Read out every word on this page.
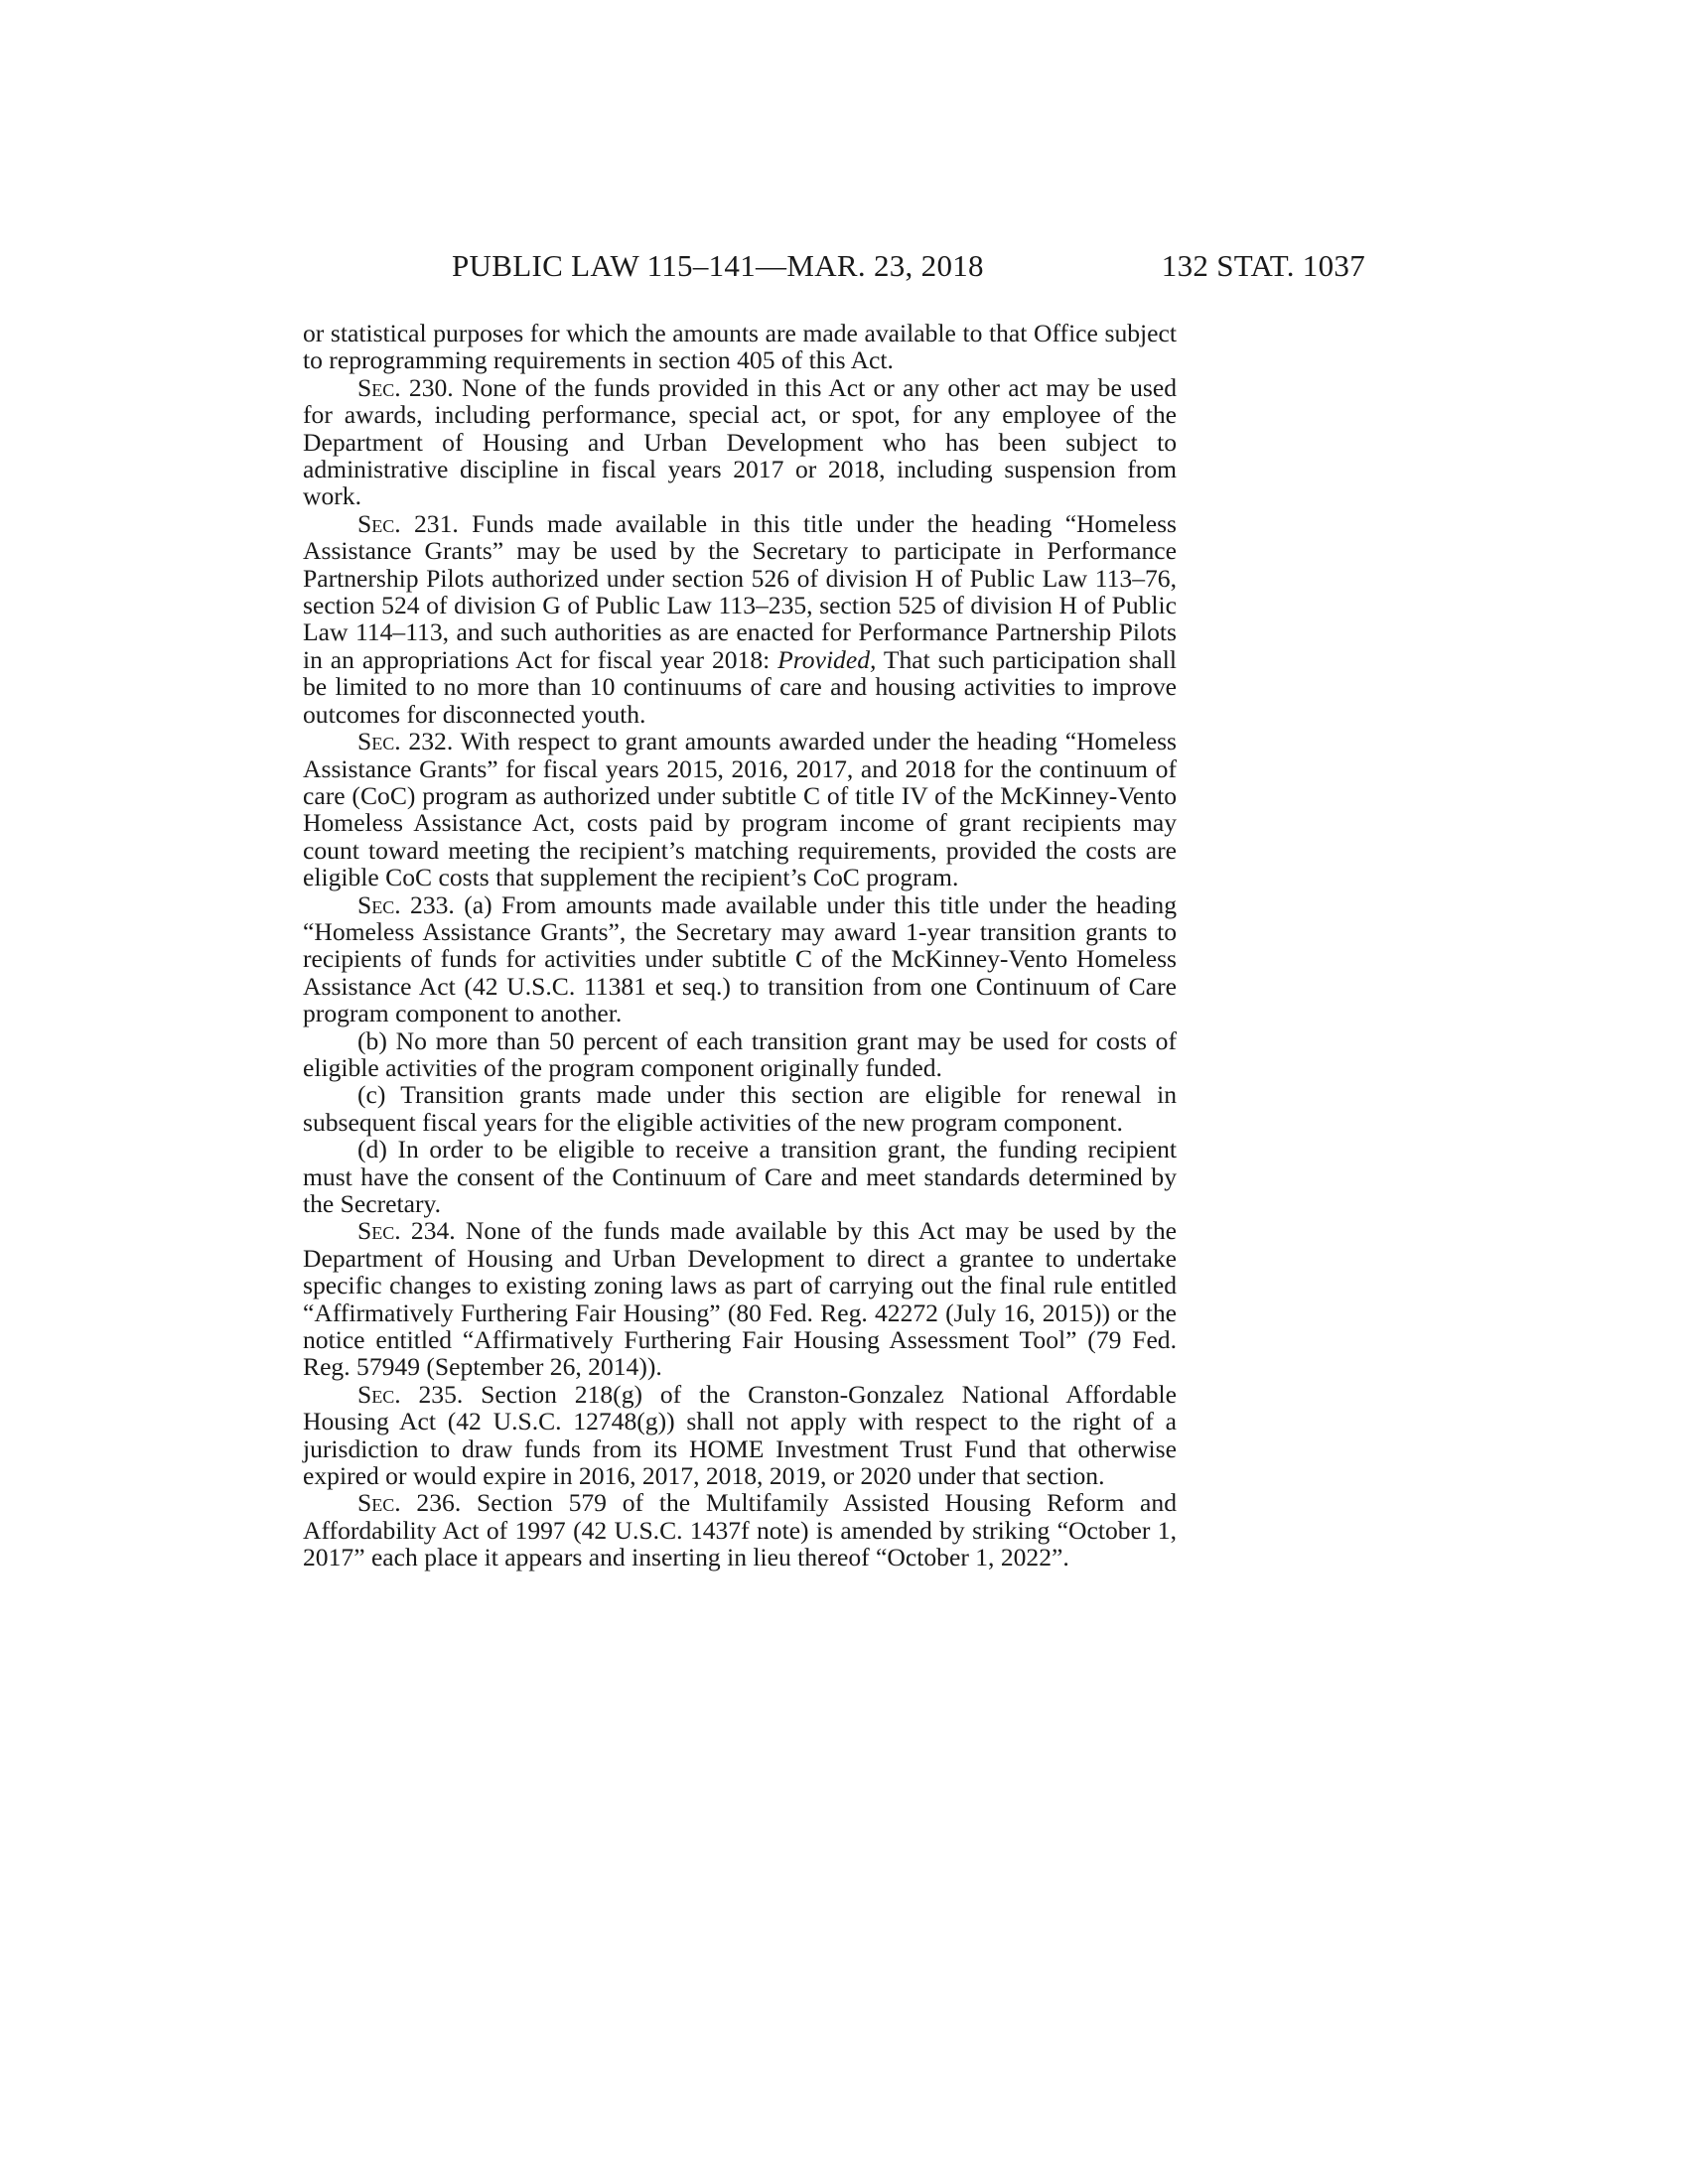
PUBLIC LAW 115–141—MAR. 23, 2018	132 STAT. 1037

or statistical purposes for which the amounts are made available to that Office subject to reprogramming requirements in section 405 of this Act.

Sec. 230. None of the funds provided in this Act or any other act may be used for awards, including performance, special act, or spot, for any employee of the Department of Housing and Urban Development who has been subject to administrative discipline in fiscal years 2017 or 2018, including suspension from work.

Sec. 231. Funds made available in this title under the heading “Homeless Assistance Grants” may be used by the Secretary to participate in Performance Partnership Pilots authorized under section 526 of division H of Public Law 113–76, section 524 of division G of Public Law 113–235, section 525 of division H of Public Law 114–113, and such authorities as are enacted for Performance Partnership Pilots in an appropriations Act for fiscal year 2018: Provided, That such participation shall be limited to no more than 10 continuums of care and housing activities to improve outcomes for disconnected youth.

Sec. 232. With respect to grant amounts awarded under the heading “Homeless Assistance Grants” for fiscal years 2015, 2016, 2017, and 2018 for the continuum of care (CoC) program as authorized under subtitle C of title IV of the McKinney-Vento Homeless Assistance Act, costs paid by program income of grant recipients may count toward meeting the recipient’s matching requirements, provided the costs are eligible CoC costs that supplement the recipient’s CoC program.

Sec. 233. (a) From amounts made available under this title under the heading “Homeless Assistance Grants”, the Secretary may award 1-year transition grants to recipients of funds for activities under subtitle C of the McKinney-Vento Homeless Assistance Act (42 U.S.C. 11381 et seq.) to transition from one Continuum of Care program component to another.

(b) No more than 50 percent of each transition grant may be used for costs of eligible activities of the program component originally funded.

(c) Transition grants made under this section are eligible for renewal in subsequent fiscal years for the eligible activities of the new program component.

(d) In order to be eligible to receive a transition grant, the funding recipient must have the consent of the Continuum of Care and meet standards determined by the Secretary.

Sec. 234. None of the funds made available by this Act may be used by the Department of Housing and Urban Development to direct a grantee to undertake specific changes to existing zoning laws as part of carrying out the final rule entitled “Affirmatively Furthering Fair Housing” (80 Fed. Reg. 42272 (July 16, 2015)) or the notice entitled “Affirmatively Furthering Fair Housing Assessment Tool” (79 Fed. Reg. 57949 (September 26, 2014)).

Sec. 235. Section 218(g) of the Cranston-Gonzalez National Affordable Housing Act (42 U.S.C. 12748(g)) shall not apply with respect to the right of a jurisdiction to draw funds from its HOME Investment Trust Fund that otherwise expired or would expire in 2016, 2017, 2018, 2019, or 2020 under that section.

Sec. 236. Section 579 of the Multifamily Assisted Housing Reform and Affordability Act of 1997 (42 U.S.C. 1437f note) is amended by striking “October 1, 2017” each place it appears and inserting in lieu thereof “October 1, 2022”.
